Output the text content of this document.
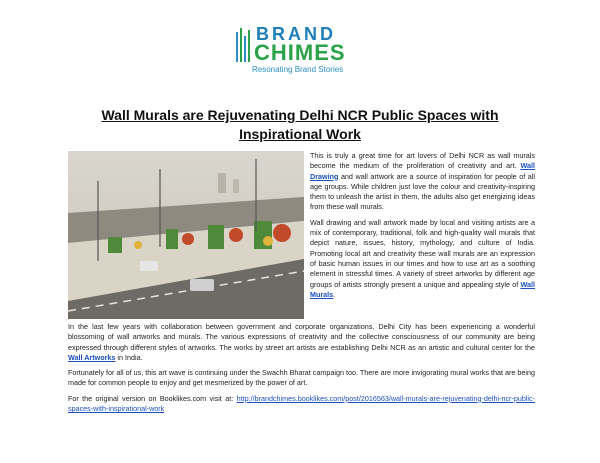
BRAND
CHIMES
Resonating Brand Stories
Wall Murals are Rejuvenating Delhi NCR Public Spaces with Inspirational Work

This is truly a great time for art lovers of Delhi NCR as wall murals become the medium of the proliferation of creativity and art. Wall Drawing and wall artwork are a source of inspiration for people of all age groups. While children just love the colour and creativity-inspiring them to unleash the artist in them, the adults also get energizing ideas from these wall murals.

Wall drawing and wall artwork made by local and visiting artists are a mix of contemporary, traditional, folk and high-quality wall murals that depict nature, issues, history, mythology, and culture of India. Promoting local art and creativity these wall murals are an expression of basic human issues in our times and how to use art as a soothing element in stressful times. A variety of street artworks by different age groups of artists strongly present a unique and appealing style of Wall Murals.

In the last few years with collaboration between government and corporate organizations, Delhi City has been experiencing a wonderful blossoming of wall artworks and murals. The various expressions of creativity and the collective consciousness of our community are being expressed through different styles of artworks. The works by street art artists are establishing Delhi NCR as an artistic and cultural center for the Wall Artworks in India.

Fortunately for all of us, this art wave is continuing under the Swachh Bharat campaign too. There are more invigorating mural works that are being made for common people to enjoy and get mesmerized by the power of art.

For the original version on Booklikes.com visit at: http://brandchimes.booklikes.com/post/2016563/wall-murals-are-rejuvenating-delhi-ncr-public-spaces-with-inspirational-work
